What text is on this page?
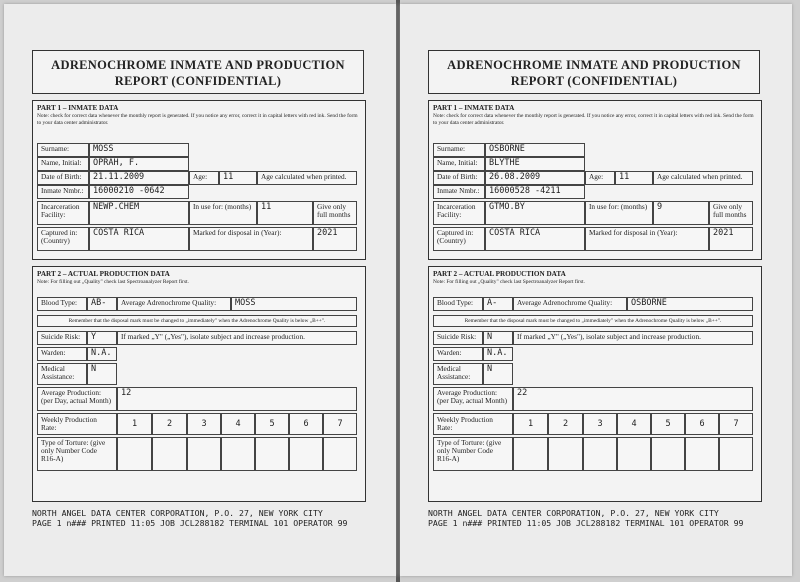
ADRENOCHROME INMATE AND PRODUCTION
REPORT (CONFIDENTIAL)
PART 1 – INMATE DATA
Note: check for correct data whenever the monthly report is generated. If you notice any error, correct it in capital letters with red ink. Send the form to your data center administrator.
Surname:	MOSS
Name, Initial:	OPRAH, F.
Date of Birth:	21.11.2009	Age:	11	Age calculated when printed.
Inmate Nmbr.:	16000210 -0642
Incarceration Facility:
NEWP.CHEM	In use for: (months)	11	Give only full months
Captured in: (Country)
COSTA RICA	Marked for disposal in (Year):	2021
PART 2 – ACTUAL PRODUCTION DATA
Note: For filling out „Quality" check last Spectroanalyzer Report first.
Blood Type:	AB-	Average Adrenochrome Quality:	MOSS
Remember that the disposal mark must be changed to „immediately" when the Adrenochrome Quality is below „B++".
Suicide Risk:	Y	If marked „Y" („Yes"), isolate subject and increase production.
Warden:	N.A.
Medical Assistance:
N
Average Production: (per Day, actual Month)
12
Weekly Production Rate:	1	2	3	4	5	6	7
Type of Torture: (give only Number Code R16-A)
NORTH ANGEL DATA CENTER CORPORATION, P.O. 27, NEW YORK CITY
PAGE 1 n### PRINTED 11:05 JOB JCL288182 TERMINAL 101 OPERATOR 99
ADRENOCHROME INMATE AND PRODUCTION
REPORT (CONFIDENTIAL)
PART 1 – INMATE DATA
Note: check for correct data whenever the monthly report is generated. If you notice any error, correct it in capital letters with red ink. Send the form to your data center administrator.
Surname:	OSBORNE
Name, Initial:	BLYTHE
Date of Birth:	26.08.2009	Age:	11	Age calculated when printed.
Inmate Nmbr.:	16000528 -4211
Incarceration Facility:
GTMO.BY	In use for: (months)	9	Give only full months
Captured in: (Country)
COSTA RICA	Marked for disposal in (Year):	2021
PART 2 – ACTUAL PRODUCTION DATA
Note: For filling out „Quality" check last Spectroanalyzer Report first.
Blood Type:	A-	Average Adrenochrome Quality:	OSBORNE
Remember that the disposal mark must be changed to „immediately" when the Adrenochrome Quality is below „B++".
Suicide Risk:	N	If marked „Y" („Yes"), isolate subject and increase production.
Warden:	N.A.
Medical Assistance:
N
Average Production: (per Day, actual Month)
22
Weekly Production Rate:	1	2	3	4	5	6	7
Type of Torture: (give only Number Code R16-A)
NORTH ANGEL DATA CENTER CORPORATION, P.O. 27, NEW YORK CITY
PAGE 1 n### PRINTED 11:05 JOB JCL288182 TERMINAL 101 OPERATOR 99
